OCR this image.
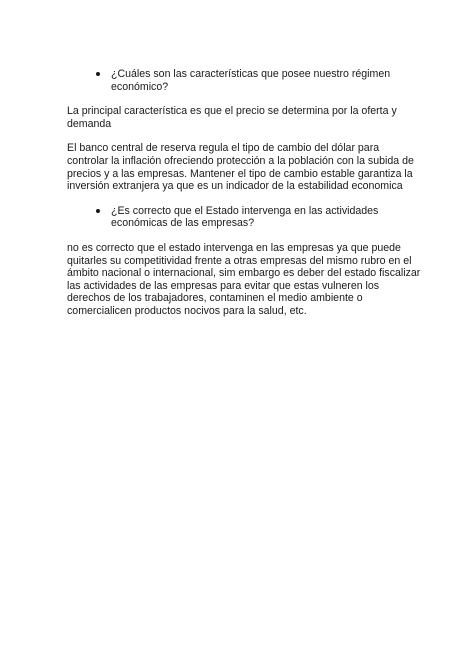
¿Cuáles son las características que posee nuestro régimen económico?

La principal característica es que el precio se determina por la oferta y demanda

El banco central de reserva regula el tipo de cambio del dólar para controlar la inflación ofreciendo protección a la población con la subida de precios y a las empresas. Mantener el tipo de cambio estable garantiza la inversión extranjera ya que es un indicador de la estabilidad economica

¿Es correcto que el Estado intervenga en las actividades económicas de las empresas?

no es correcto que el estado intervenga en las empresas ya que puede quitarles su competitividad frente a otras empresas del mismo rubro en el ámbito nacional o internacional, sim embargo es deber del estado fiscalizar las actividades de las empresas para evitar que estas vulneren los derechos de los trabajadores, contaminen el medio ambiente o comercialicen productos nocivos para la salud, etc.
